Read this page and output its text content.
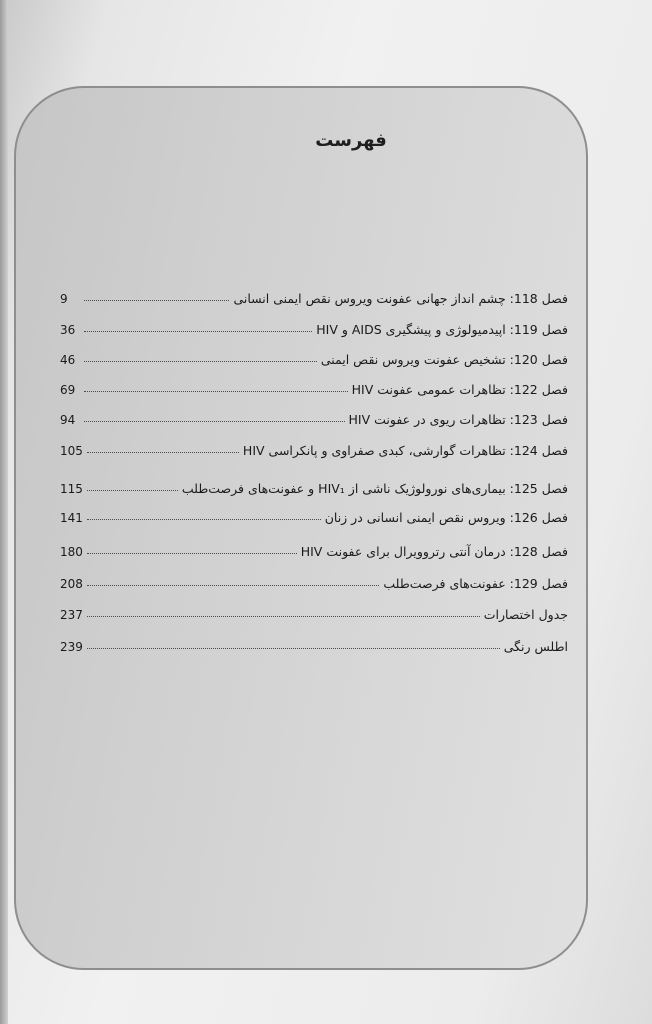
فهرست
فصل 118: چشم انداز جهانی عفونت ویروس نقص ایمنی انسانی
9
فصل 119: اپیدمیولوژی و پیشگیری AIDS و HIV
36
فصل 120: تشخیص عفونت ویروس نقص ایمنی
46
فصل 122: تظاهرات عمومی عفونت HIV
69
فصل 123: تظاهرات ریوی در عفونت HIV
94
فصل 124: تظاهرات گوارشی، کبدی صفراوی و پانکراسی HIV
105
فصل 125: بیماری‌های نورولوژیک ناشی از HIV₁ و عفونت‌های فرصت‌طلب
115
فصل 126: ویروس نقص ایمنی انسانی در زنان
141
فصل 128: درمان آنتی رتروویرال برای عفونت HIV
180
فصل 129: عفونت‌های فرصت‌طلب
208
جدول اختصارات
237
اطلس رنگی
239
